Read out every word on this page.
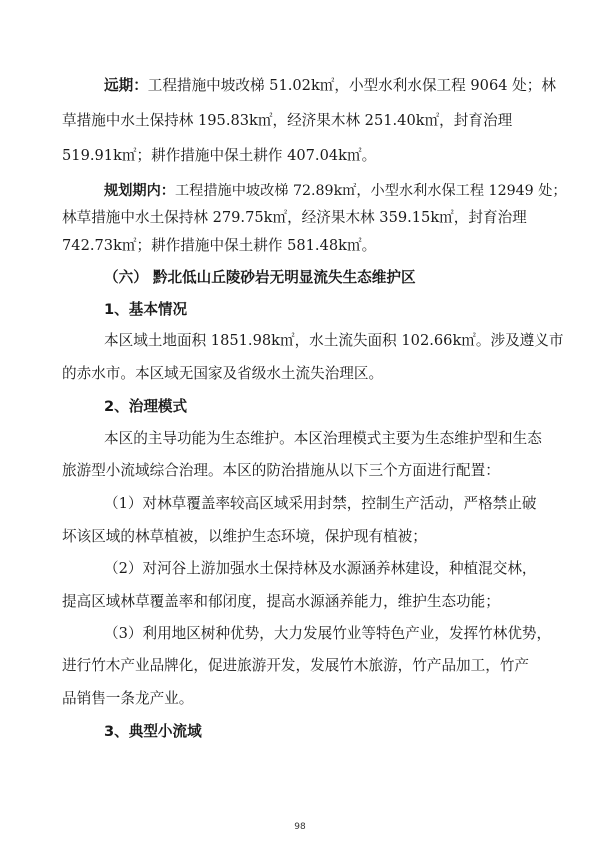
远期：工程措施中坡改梯 51.02k㎡，小型水利水保工程 9064 处；林
草措施中水土保持林 195.83k㎡，经济果木林 251.40k㎡，封育治理
519.91k㎡；耕作措施中保土耕作 407.04k㎡。
规划期内：工程措施中坡改梯 72.89k㎡，小型水利水保工程 12949 处；
林草措施中水土保持林 279.75k㎡，经济果木林 359.15k㎡，封育治理
742.73k㎡；耕作措施中保土耕作 581.48k㎡。
（六） 黔北低山丘陵砂岩无明显流失生态维护区
1、基本情况
本区域土地面积 1851.98k㎡，水土流失面积 102.66k㎡。涉及遵义市
的赤水市。本区域无国家及省级水土流失治理区。
2、治理模式
本区的主导功能为生态维护。本区治理模式主要为生态维护型和生态
旅游型小流域综合治理。本区的防治措施从以下三个方面进行配置：
（1）对林草覆盖率较高区域采用封禁，控制生产活动，严格禁止破
坏该区域的林草植被，以维护生态环境，保护现有植被；
（2）对河谷上游加强水土保持林及水源涵养林建设，种植混交林，
提高区域林草覆盖率和郁闭度，提高水源涵养能力，维护生态功能；
（3）利用地区树种优势，大力发展竹业等特色产业，发挥竹林优势，
进行竹木产业品牌化，促进旅游开发，发展竹木旅游，竹产品加工，竹产
品销售一条龙产业。
3、典型小流域
98
